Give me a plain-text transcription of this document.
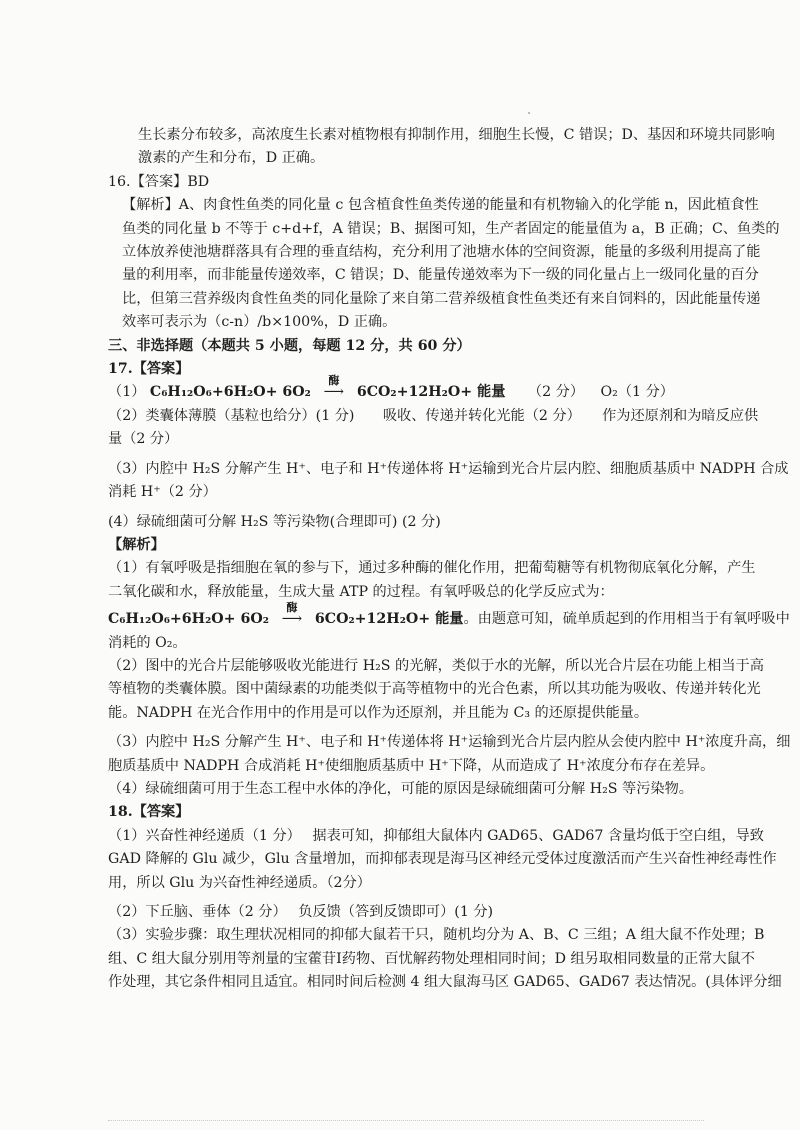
生长素分布较多，高浓度生长素对植物根有抑制作用，细胞生长慢，C 错误；D、基因和环境共同影响
激素的产生和分布，D 正确。
16.【答案】BD
【解析】A、肉食性鱼类的同化量 c 包含植食性鱼类传递的能量和有机物输入的化学能 n，因此植食性
鱼类的同化量 b 不等于 c+d+f，A 错误；B、据图可知，生产者固定的能量值为 a，B 正确；C、鱼类的
立体放养使池塘群落具有合理的垂直结构，充分利用了池塘水体的空间资源，能量的多级利用提高了能
量的利用率，而非能量传递效率，C 错误；D、能量传递效率为下一级的同化量占上一级同化量的百分
比，但第三营养级肉食性鱼类的同化量除了来自第二营养级植食性鱼类还有来自饲料的，因此能量传递
效率可表示为（c-n）/b×100%，D 正确。
三、非选择题（本题共 5 小题，每题 12 分，共 60 分）
17.【答案】
（1） C₆H₁₂O₆+6H₂O+ 6O₂
酶
⟶ 6CO₂+12H₂O+ 能量 （2 分） O₂（1 分）
（2）类囊体薄膜（基粒也给分）(1 分)　　吸收、传递并转化光能（2 分）　　作为还原剂和为暗反应供
量（2 分）
（3）内腔中 H₂S 分解产生 H⁺、电子和 H⁺传递体将 H⁺运输到光合片层内腔、细胞质基质中 NADPH 合成
消耗 H⁺（2 分）
(4）绿硫细菌可分解 H₂S 等污染物(合理即可) (2 分)
【解析】
（1）有氧呼吸是指细胞在氧的参与下，通过多种酶的催化作用，把葡萄糖等有机物彻底氧化分解，产生
二氧化碳和水，释放能量，生成大量 ATP 的过程。有氧呼吸总的化学反应式为：
C₆H₁₂O₆+6H₂O+ 6O₂
酶
⟶ 6CO₂+12H₂O+ 能量。由题意可知，硫单质起到的作用相当于有氧呼吸中
消耗的 O₂。
（2）图中的光合片层能够吸收光能进行 H₂S 的光解，类似于水的光解，所以光合片层在功能上相当于高
等植物的类囊体膜。图中菌绿素的功能类似于高等植物中的光合色素，所以其功能为吸收、传递并转化光
能。NADPH 在光合作用中的作用是可以作为还原剂，并且能为 C₃ 的还原提供能量。
（3）内腔中 H₂S 分解产生 H⁺、电子和 H⁺传递体将 H⁺运输到光合片层内腔从会使内腔中 H⁺浓度升高，细
胞质基质中 NADPH 合成消耗 H⁺使细胞质基质中 H⁺下降，从而造成了 H⁺浓度分布存在差异。
（4）绿硫细菌可用于生态工程中水体的净化，可能的原因是绿硫细菌可分解 H₂S 等污染物。
18.【答案】
（1）兴奋性神经递质（1 分）　 据表可知，抑郁组大鼠体内 GAD65、GAD67 含量均低于空白组，导致
GAD 降解的 Glu 减少，Glu 含量增加，而抑郁表现是海马区神经元受体过度激活而产生兴奋性神经毒性作
用，所以 Glu 为兴奋性神经递质。（2分）
（2）下丘脑、垂体（2 分）　 负反馈（答到反馈即可）(1 分)
（3）实验步骤：取生理状况相同的抑郁大鼠若干只，随机均分为 A、B、C 三组；A 组大鼠不作处理；B
组、C 组大鼠分别用等剂量的宝藿苷Ⅰ药物、百忧解药物处理相同时间；D 组另取相同数量的正常大鼠不
作处理，其它条件相同且适宜。相同时间后检测 4 组大鼠海马区 GAD65、GAD67 表达情况。(具体评分细
